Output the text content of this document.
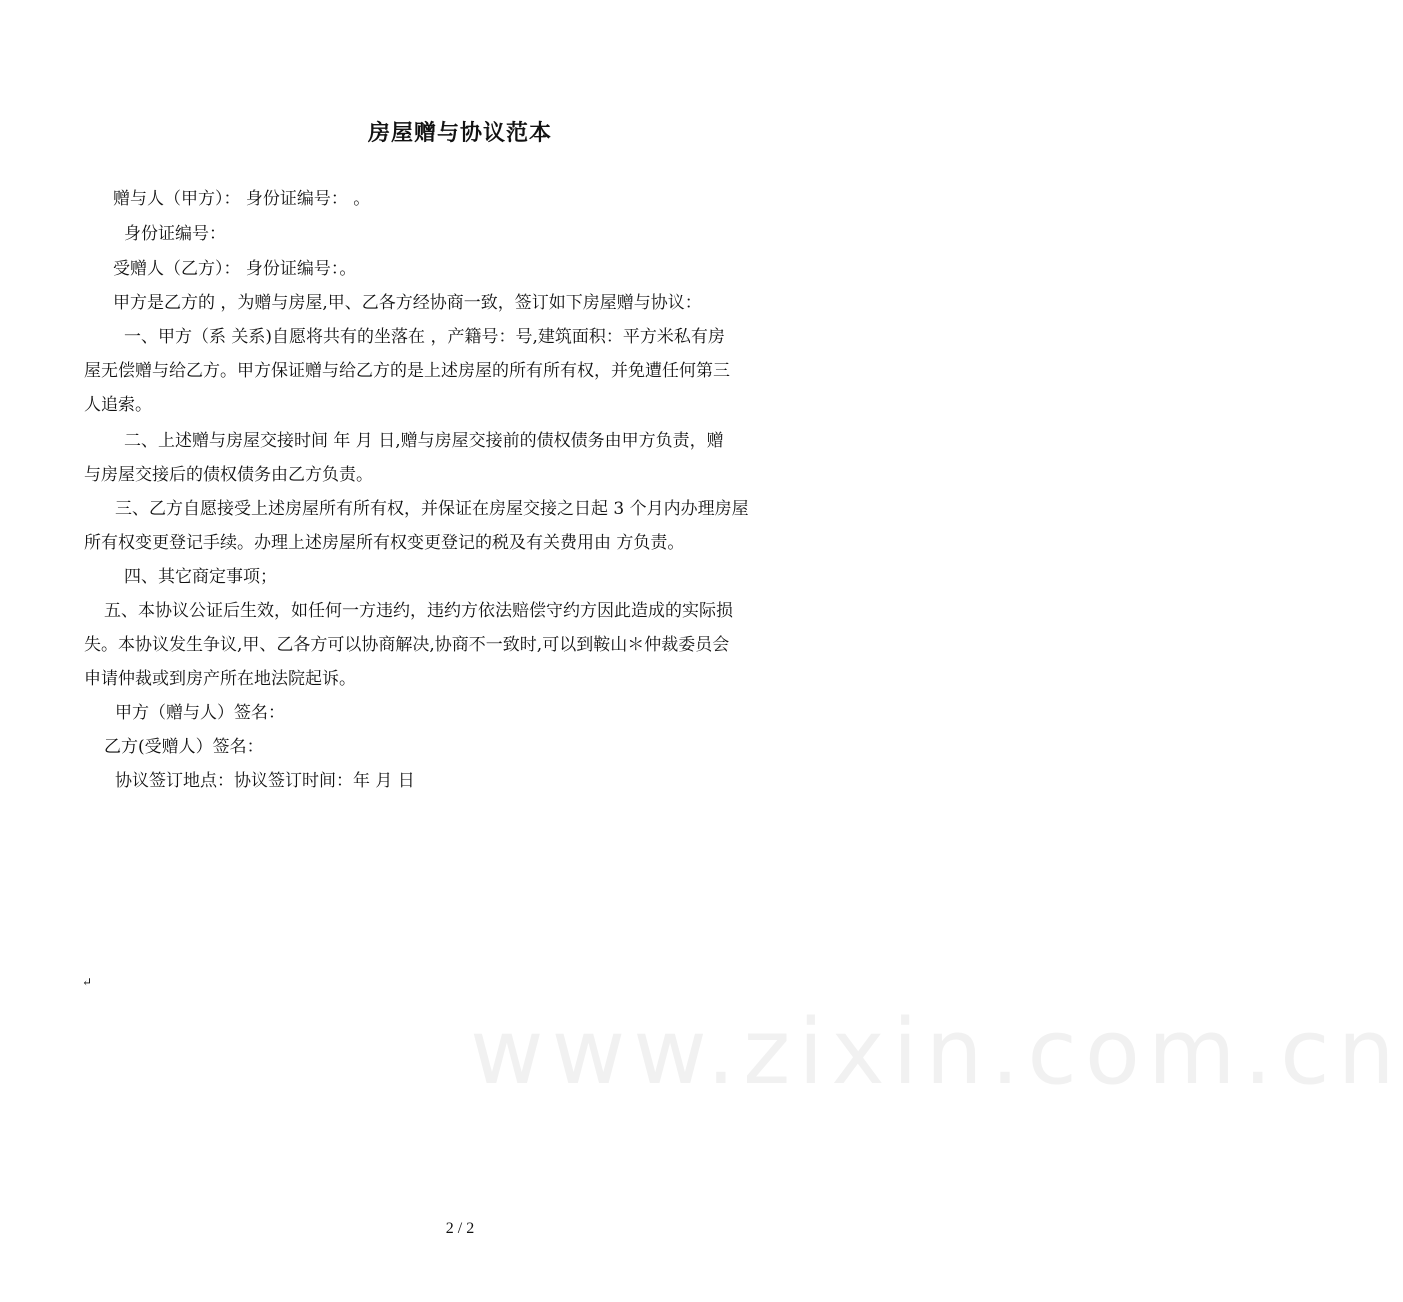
www.zixin.com.cn
房屋赠与协议范本
赠与人（甲方）： 身份证编号： 。
身份证编号：
受赠人（乙方）： 身份证编号：。
甲方是乙方的 ，为赠与房屋,甲、乙各方经协商一致，签订如下房屋赠与协议：
一、甲方（系 关系)自愿将共有的坐落在 ，产籍号：号,建筑面积：平方米私有房
屋无偿赠与给乙方。甲方保证赠与给乙方的是上述房屋的所有所有权，并免遭任何第三
人追索。
二、上述赠与房屋交接时间 年 月 日,赠与房屋交接前的债权债务由甲方负责，赠
与房屋交接后的债权债务由乙方负责。
三、乙方自愿接受上述房屋所有所有权，并保证在房屋交接之日起 3 个月内办理房屋
所有权变更登记手续。办理上述房屋所有权变更登记的税及有关费用由 方负责。
四、其它商定事项；
五、本协议公证后生效，如任何一方违约，违约方依法赔偿守约方因此造成的实际损
失。本协议发生争议,甲、乙各方可以协商解决,协商不一致时,可以到鞍山＊仲裁委员会
申请仲裁或到房产所在地法院起诉。
甲方（赠与人）签名：
乙方(受赠人）签名：
协议签订地点：协议签订时间：年 月 日
↵
2 / 2
